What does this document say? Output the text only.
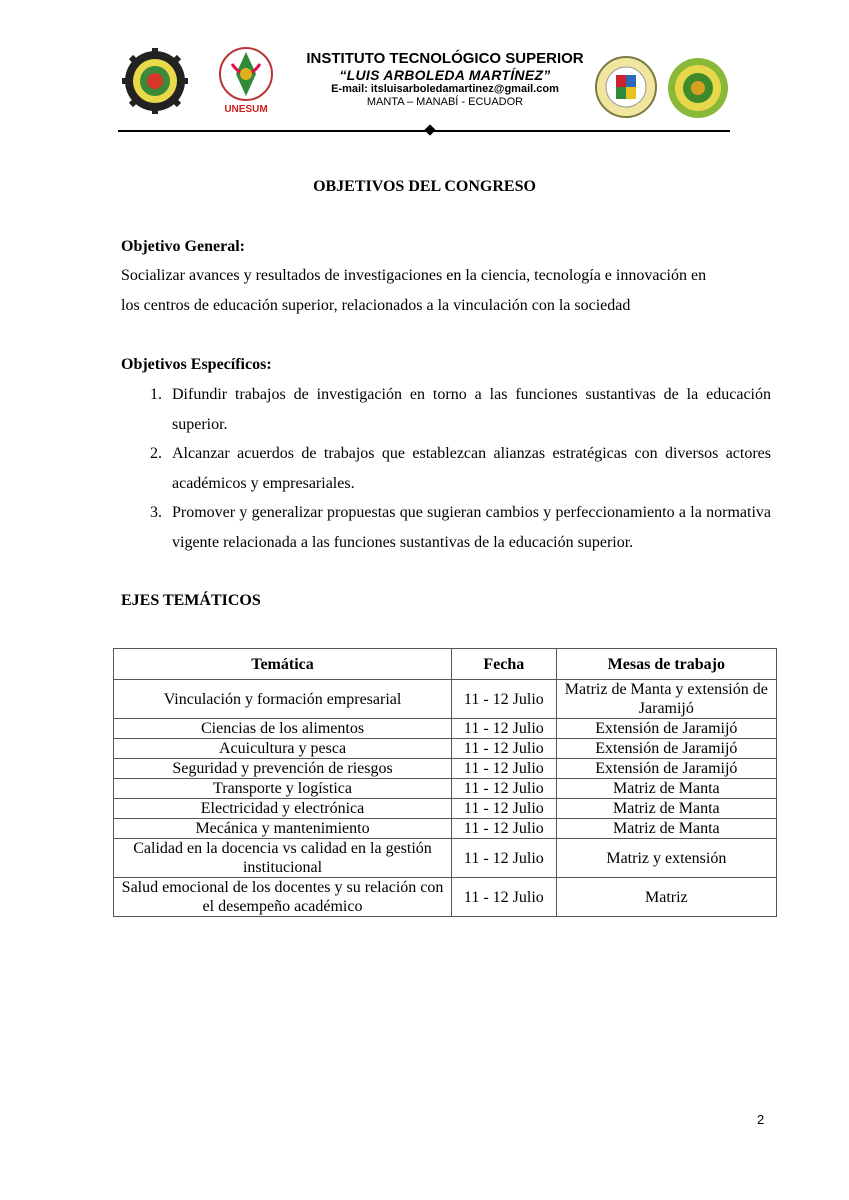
UNESUM
INSTITUTO TECNOLÓGICO SUPERIOR
“LUIS ARBOLEDA MARTÍNEZ”
E-mail: itsluisarboledamartinez@gmail.com
MANTA – MANABÍ - ECUADOR
OBJETIVOS DEL CONGRESO
Objetivo General:
Socializar avances y resultados de investigaciones en la ciencia, tecnología e innovación en
los centros de educación superior, relacionados a la vinculación con la sociedad
Objetivos Específicos:
1. Difundir trabajos de investigación en torno a las funciones sustantivas de la educación superior.
2. Alcanzar acuerdos de trabajos que establezcan alianzas estratégicas con diversos actores académicos y empresariales.
3. Promover y generalizar propuestas que sugieran cambios y perfeccionamiento a la normativa vigente relacionada a las funciones sustantivas de la educación superior.
EJES TEMÁTICOS
Temática	Fecha	Mesas de trabajo
Vinculación y formación empresarial	11 - 12 Julio	Matriz de Manta y extensión de Jaramijó
Ciencias de los alimentos	11 - 12 Julio	Extensión de Jaramijó
Acuicultura y pesca	11 - 12 Julio	Extensión de Jaramijó
Seguridad y prevención de riesgos	11 - 12 Julio	Extensión de Jaramijó
Transporte y logística	11 - 12 Julio	Matriz de Manta
Electricidad y electrónica	11 - 12 Julio	Matriz de Manta
Mecánica y mantenimiento	11 - 12 Julio	Matriz de Manta
Calidad en la docencia vs calidad en la gestión institucional	11 - 12 Julio	Matriz y extensión
Salud emocional de los docentes y su relación con el desempeño académico	11 - 12 Julio	Matriz
2
